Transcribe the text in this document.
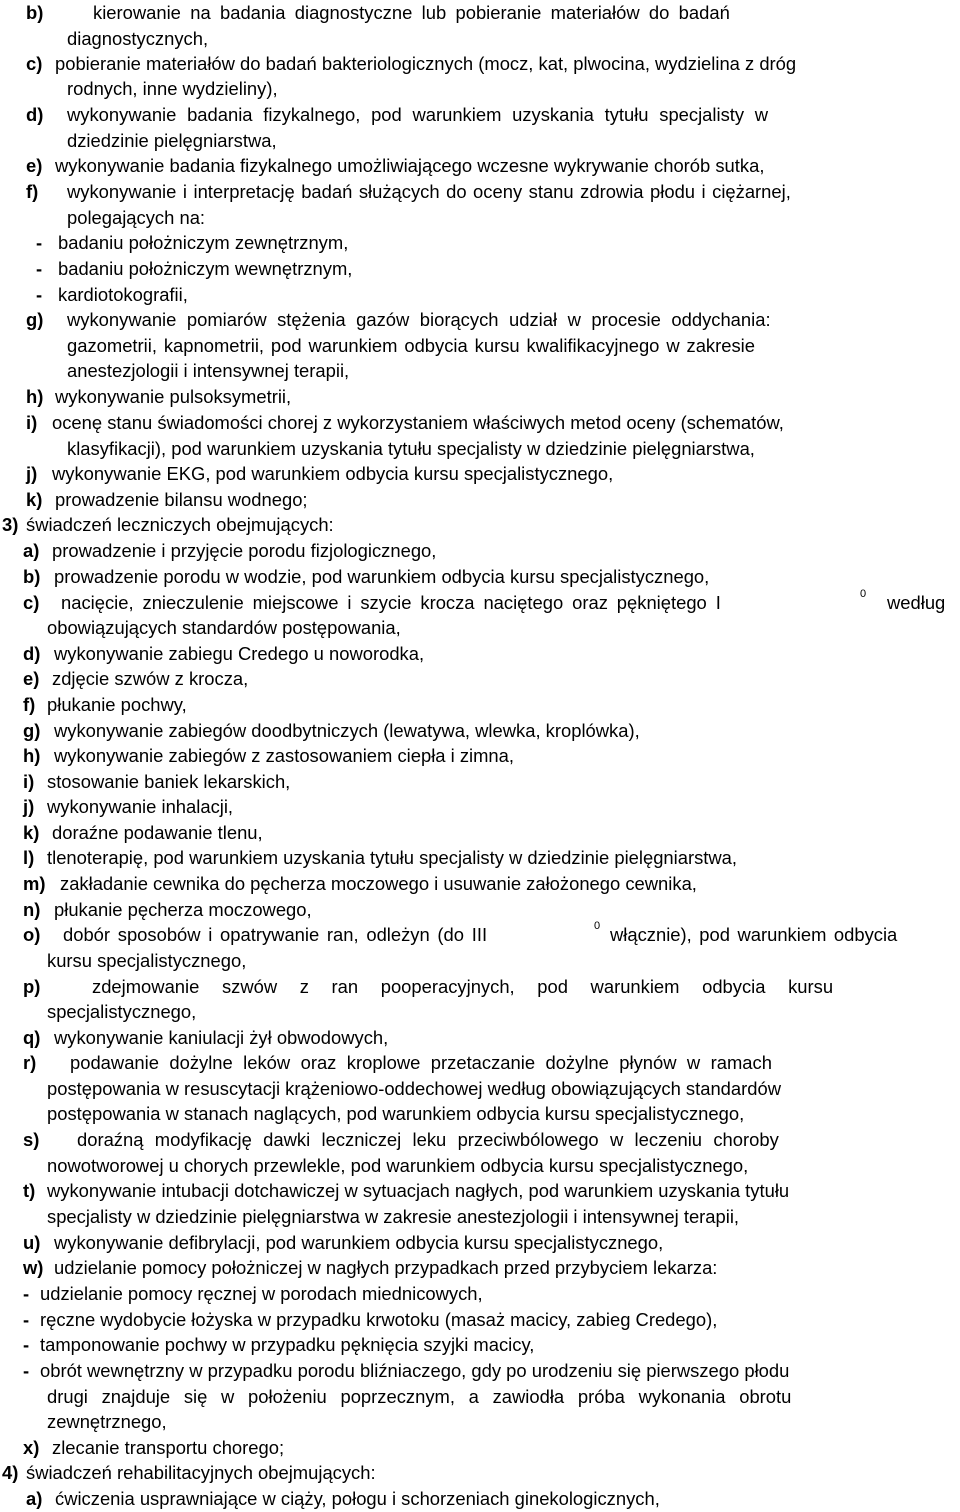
b)	kierowanie na badania diagnostyczne lub pobieranie materiałów do badań
diagnostycznych,
c) pobieranie materiałów do badań bakteriologicznych (mocz, kat, plwocina, wydzielina z dróg
rodnych, inne wydzieliny),
d) wykonywanie badania fizykalnego, pod warunkiem uzyskania tytułu specjalisty w
dziedzinie pielęgniarstwa,
e) wykonywanie badania fizykalnego umożliwiającego wczesne wykrywanie chorób sutka,
f) wykonywanie i interpretację badań służących do oceny stanu zdrowia płodu i ciężarnej,
polegających na:
- badaniu położniczym zewnętrznym,
- badaniu położniczym wewnętrznym,
- kardiotokografii,
g) wykonywanie pomiarów stężenia gazów biorących udział w procesie oddychania:
gazometrii, kapnometrii, pod warunkiem odbycia kursu kwalifikacyjnego w zakresie
anestezjologii i intensywnej terapii,
h) wykonywanie pulsoksymetrii,
i) ocenę stanu świadomości chorej z wykorzystaniem właściwych metod oceny (schematów,
klasyfikacji), pod warunkiem uzyskania tytułu specjalisty w dziedzinie pielęgniarstwa,
j) wykonywanie EKG, pod warunkiem odbycia kursu specjalistycznego,
k) prowadzenie bilansu wodnego;
3) świadczeń leczniczych obejmujących:
a) prowadzenie i przyjęcie porodu fizjologicznego,
b) prowadzenie porodu w wodzie, pod warunkiem odbycia kursu specjalistycznego,
c) nacięcie, znieczulenie miejscowe i szycie krocza naciętego oraz pękniętego I	0 według
obowiązujących standardów postępowania,
d) wykonywanie zabiegu Credego u noworodka,
e) zdjęcie szwów z krocza,
f) płukanie pochwy,
g) wykonywanie zabiegów doodbytniczych (lewatywa, wlewka, kroplówka),
h) wykonywanie zabiegów z zastosowaniem ciepła i zimna,
i) stosowanie baniek lekarskich,
j) wykonywanie inhalacji,
k) doraźne podawanie tlenu,
l) tlenoterapię, pod warunkiem uzyskania tytułu specjalisty w dziedzinie pielęgniarstwa,
m) zakładanie cewnika do pęcherza moczowego i usuwanie założonego cewnika,
n) płukanie pęcherza moczowego,
o) dobór sposobów i opatrywanie ran, odleżyn (do III	0 włącznie), pod warunkiem odbycia
kursu specjalistycznego,
p)	zdejmowanie szwów z ran pooperacyjnych, pod warunkiem odbycia kursu
specjalistycznego,
q) wykonywanie kaniulacji żył obwodowych,
r) podawanie dożylne leków oraz kroplowe przetaczanie dożylne płynów w ramach
postępowania w resuscytacji krążeniowo-oddechowej według obowiązujących standardów
postępowania w stanach naglących, pod warunkiem odbycia kursu specjalistycznego,
s) doraźną modyfikację dawki leczniczej leku przeciwbólowego w leczeniu choroby
nowotworowej u chorych przewlekle, pod warunkiem odbycia kursu specjalistycznego,
t) wykonywanie intubacji dotchawiczej w sytuacjach nagłych, pod warunkiem uzyskania tytułu
specjalisty w dziedzinie pielęgniarstwa w zakresie anestezjologii i intensywnej terapii,
u) wykonywanie defibrylacji, pod warunkiem odbycia kursu specjalistycznego,
w) udzielanie pomocy położniczej w nagłych przypadkach przed przybyciem lekarza:
- udzielanie pomocy ręcznej w porodach miednicowych,
- ręczne wydobycie łożyska w przypadku krwotoku (masaż macicy, zabieg Credego),
- tamponowanie pochwy w przypadku pęknięcia szyjki macicy,
- obrót wewnętrzny w przypadku porodu bliźniaczego, gdy po urodzeniu się pierwszego płodu
drugi znajduje się w położeniu poprzecznym, a zawiodła próba wykonania obrotu
zewnętrznego,
x) zlecanie transportu chorego;
4) świadczeń rehabilitacyjnych obejmujących:
a) ćwiczenia usprawniające w ciąży, połogu i schorzeniach ginekologicznych,
